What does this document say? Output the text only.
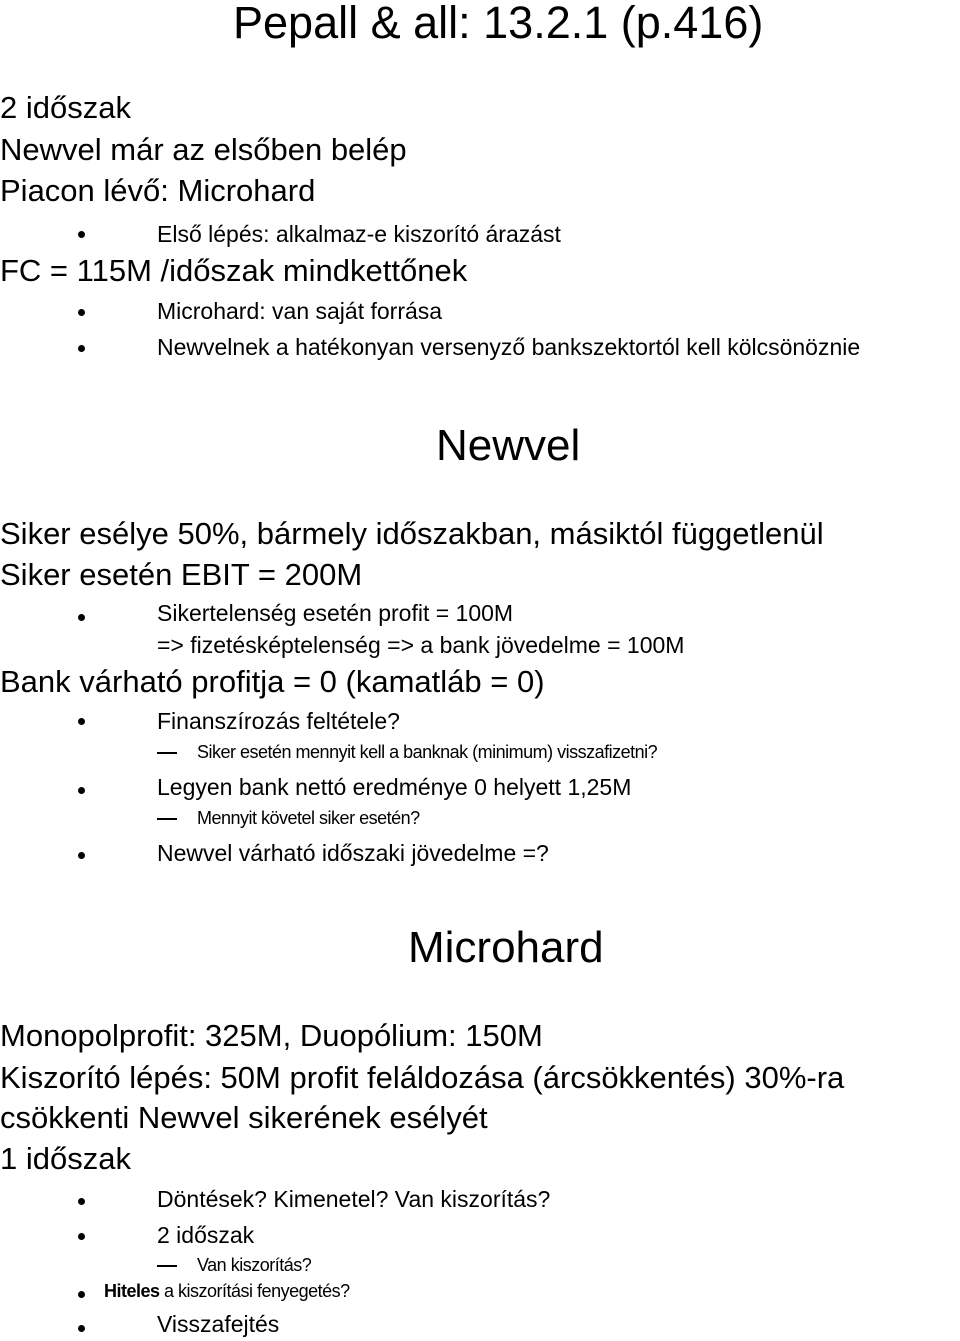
Pepall & all: 13.2.1 (p.416)
2 időszak
Newvel már az elsőben belép
Piacon lévő: Microhard
Első lépés: alkalmaz-e kiszorító árazást
FC = 115M /időszak mindkettőnek
Microhard: van saját forrása
Newvelnek a hatékonyan versenyző bankszektortól kell kölcsönöznie
Newvel
Siker esélye 50%, bármely időszakban, másiktól függetlenül
Siker esetén EBIT = 200M
Sikertelenség esetén profit = 100M
=> fizetésképtelenség => a bank jövedelme = 100M
Bank várható profitja = 0 (kamatláb = 0)
Finanszírozás feltétele?
Siker esetén mennyit kell a banknak (minimum) visszafizetni?
Legyen bank nettó eredménye 0 helyett 1,25M
Mennyit követel siker esetén?
Newvel várható időszaki jövedelme =?
Microhard
Monopolprofit: 325M, Duopólium: 150M
Kiszorító lépés: 50M profit feláldozása (árcsökkentés) 30%-ra
csökkenti Newvel sikerének esélyét
1 időszak
Döntések? Kimenetel? Van kiszorítás?
2 időszak
Van kiszorítás?
Hiteles a kiszorítási fenyegetés?
Visszafejtés
